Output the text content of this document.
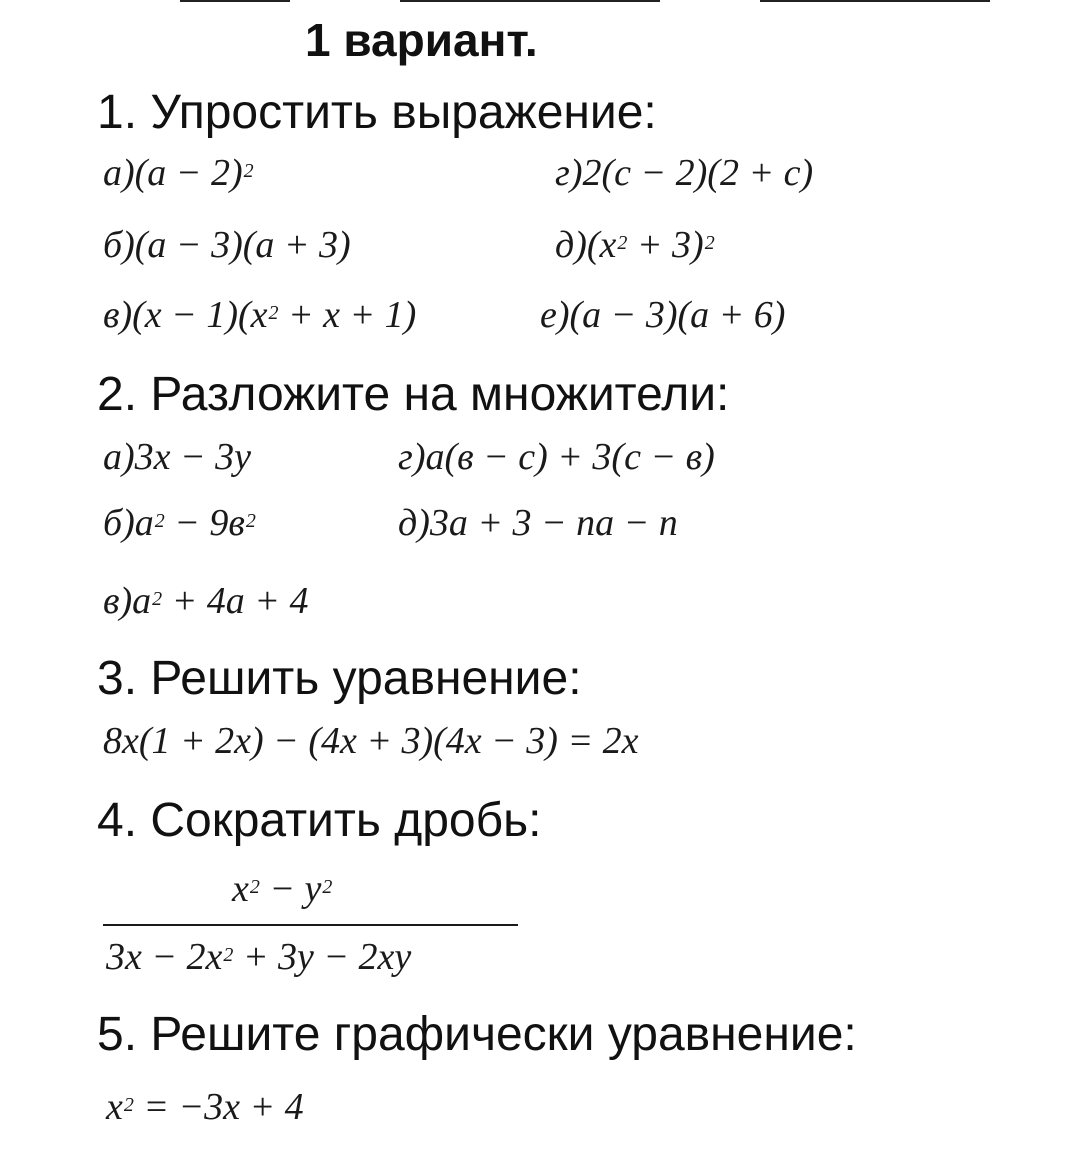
1 вариант.
1. Упростить выражение:
$а)(а - 2)^2$	г)2(с − 2)(2 + с)
б)(а − 3)(а + 3)	$д)(х^2 + 3)^2$
$в)(х - 1)(х^2 + х + 1)$	е)(а − 3)(а + 6)
2. Разложите на множители:
а)3х − 3у	г)а(в − с) + 3(с − в)
$б)а^2 - 9в^2$	д)3а + 3 − nа − n
$в)а^2 + 4а + 4$
3. Решить уравнение:
8х(1 + 2х) − (4х + 3)(4х − 3) = 2х
4. Сократить дробь:
$х^2 - у^2$
$3х - 2х^2 + 3у - 2ху$
5. Решите графически уравнение:
$х^2 = -3х + 4$
